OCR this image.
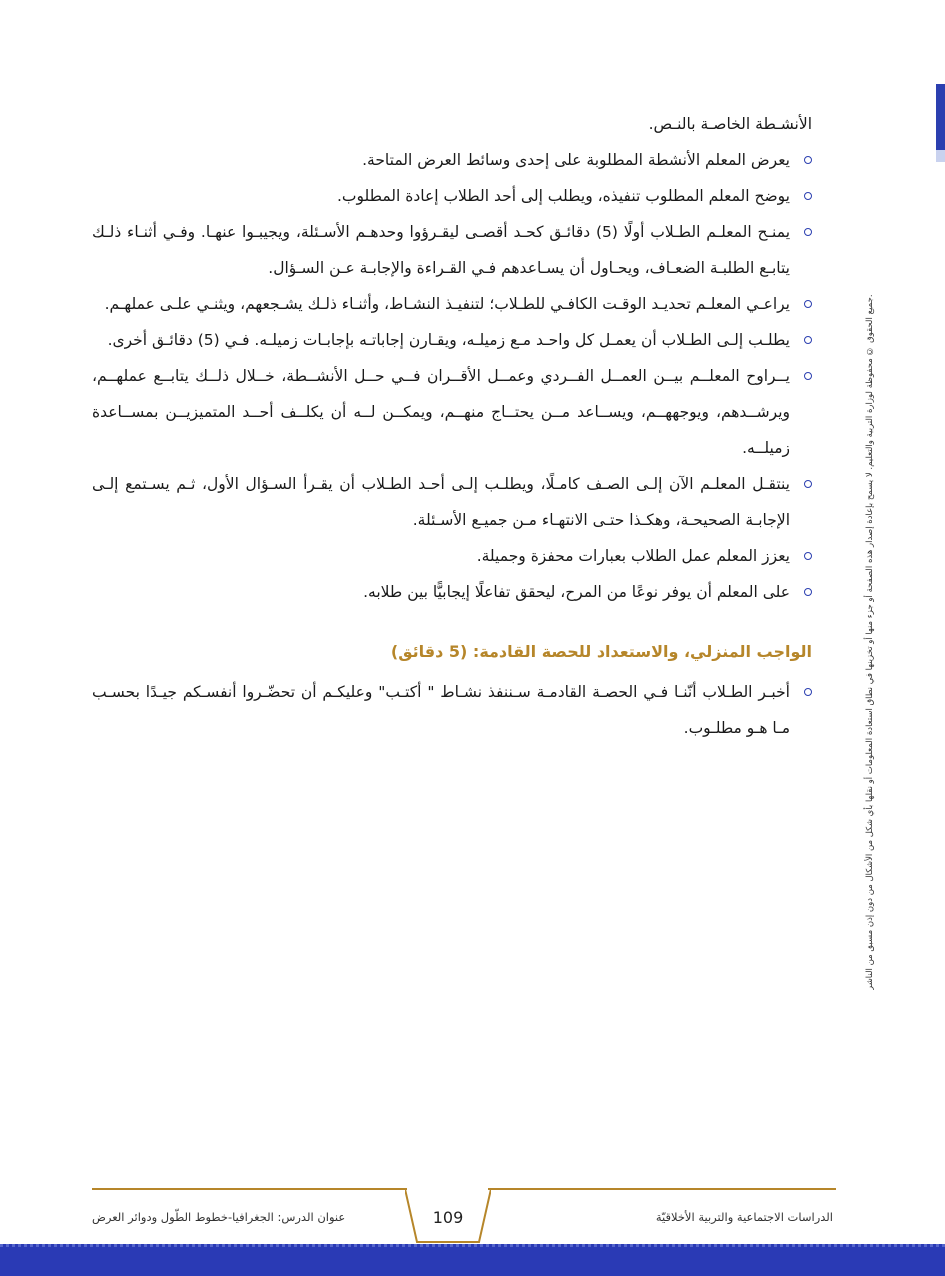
جميع الحقوق © محفوظة لوزارة التربية والتعليم. لا يسمح بإعادة إصدار هذه الصفحة أو جزء منها أو تخزينها في نطاق استعادة المعلومات أو نقلها بأي شكل من الأشكال من دون إذن مسبق من الناشر.

الأنشـطة الخاصـة بالنـص.

يعرض المعلم الأنشطة المطلوبة على إحدى وسائط العرض المتاحة.
يوضح المعلم المطلوب تنفيذه، ويطلب إلى أحد الطلاب إعادة المطلوب.
يمنـح المعلـم الطـلاب أولًا (5) دقائـق كحـد أقصـى ليقـرؤوا وحدهـم الأسـئلة، ويجيبـوا عنهـا. وفـي أثنـاء ذلـك يتابـع الطلبـة الضعـاف، ويحـاول أن يسـاعدهم فـي القـراءة والإجابـة عـن السـؤال.
يراعـي المعلـم تحديـد الوقـت الكافـي للطـلاب؛ لتنفيـذ النشـاط، وأثنـاء ذلـك يشـجعهم، ويثنـي علـى عملهـم.
يطلـب إلـى الطـلاب أن يعمـل كل واحـد مـع زميلـه، ويقـارن إجاباتـه بإجابـات زميلـه. فـي (5) دقائـق أخرى.
يــراوح المعلــم بيــن العمــل الفــردي وعمــل الأقــران فــي حــل الأنشــطة، خــلال ذلــك يتابــع عملهــم، ويرشــدهم، ويوجههــم، ويســاعد مــن يحتــاج منهــم، ويمكــن لــه أن يكلــف أحــد المتميزيــن بمســاعدة زميلــه.
ينتقـل المعلـم الآن إلـى الصـف كامـلًا، ويطلـب إلـى أحـد الطـلاب أن يقـرأ السـؤال الأول، ثـم يسـتمع إلـى الإجابـة الصحيحـة، وهكـذا حتـى الانتهـاء مـن جميـع الأسـئلة.
يعزز المعلم عمل الطلاب بعبارات محفزة وجميلة.
على المعلم أن يوفر نوعًا من المرح، ليحقق تفاعلًا إيجابيًّا بين طلابه.
الواجب المنزلي، والاستعداد للحصة القادمة: (5 دقائق)
أخبـر الطـلاب أنّنـا فـي الحصـة القادمـة سـننفذ نشـاط " أكتـب" وعليكـم أن تحضّـروا أنفسـكم جيـدًا بحسـب مـا هـو مطلـوب.
109
عنوان الدرس: الجغرافيا-خطوط الطّول ودوائر العرض	الدراسات الاجتماعية والتربية الأخلاقيّة
